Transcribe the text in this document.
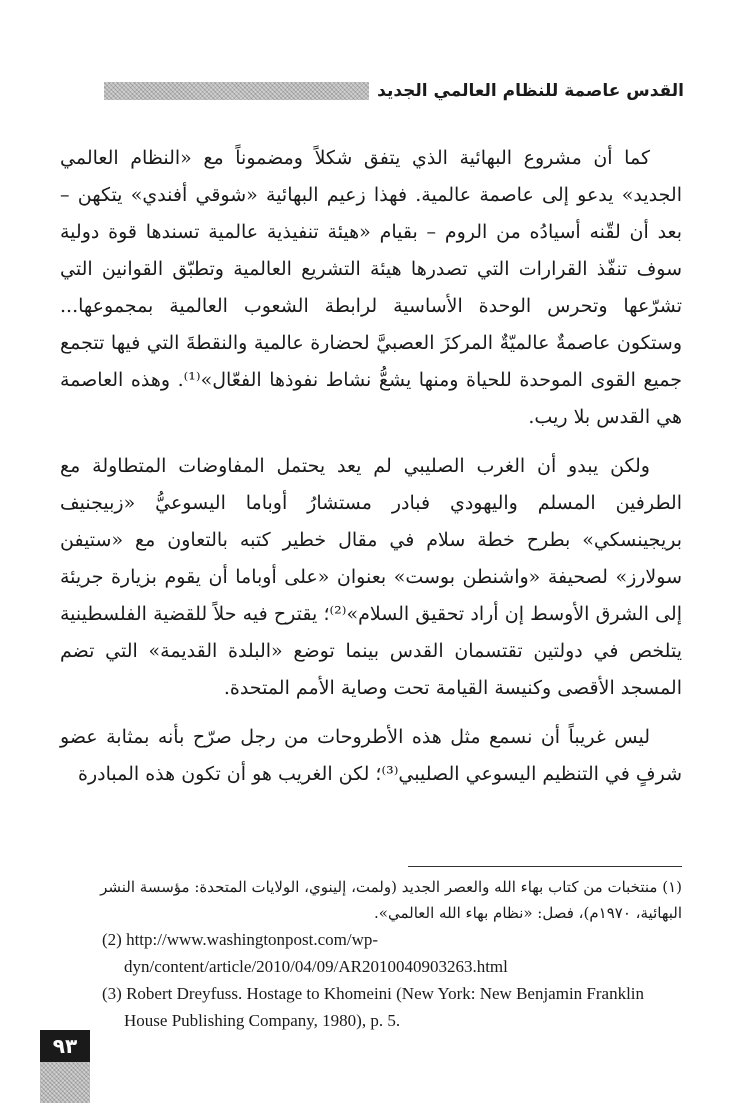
القدس عاصمة للنظام العالمي الجديد

كما أن مشروع البهائية الذي يتفق شكلاً ومضموناً مع «النظام العالمي الجديد» يدعو إلى عاصمة عالمية. فهذا زعيم البهائية «شوقي أفندي» يتكهن – بعد أن لقّنه أسيادُه من الروم – بقيام «هيئة تنفيذية عالمية تسندها قوة دولية سوف تنفّذ القرارات التي تصدرها هيئة التشريع العالمية وتطبّق القوانين التي تشرّعها وتحرس الوحدة الأساسية لرابطة الشعوب العالمية بمجموعها... وستكون عاصمةٌ عالميّةٌ المركزَ العصبيَّ لحضارة عالمية والنقطةَ التي فيها تتجمع جميع القوى الموحدة للحياة ومنها يشعُّ نشاط نفوذها الفعّال»⁽¹⁾. وهذه العاصمة هي القدس بلا ريب.

ولكن يبدو أن الغرب الصليبي لم يعد يحتمل المفاوضات المتطاولة مع الطرفين المسلم واليهودي فبادر مستشارُ أوباما اليسوعيُّ «زبيجنيف بريجينسكي» بطرح خطة سلام في مقال خطير كتبه بالتعاون مع «ستيفن سولارز» لصحيفة «واشنطن بوست» بعنوان «على أوباما أن يقوم بزيارة جريئة إلى الشرق الأوسط إن أراد تحقيق السلام»⁽²⁾؛ يقترح فيه حلاً للقضية الفلسطينية يتلخص في دولتين تقتسمان القدس بينما توضع «البلدة القديمة» التي تضم المسجد الأقصى وكنيسة القيامة تحت وصاية الأمم المتحدة.

ليس غريباً أن نسمع مثل هذه الأطروحات من رجل صرّح بأنه بمثابة عضو شرفٍ في التنظيم اليسوعي الصليبي⁽³⁾؛ لكن الغريب هو أن تكون هذه المبادرة

(١) منتخبات من كتاب بهاء الله والعصر الجديد (ولمت، إلينوي، الولايات المتحدة: مؤسسة النشر البهائية، ١٩٧٠م)، فصل: «نظام بهاء الله العالمي».

(2) http://www.washingtonpost.com/wp-dyn/content/article/2010/04/09/AR2010040903263.html

(3) Robert Dreyfuss. Hostage to Khomeini (New York: New Benjamin Franklin House Publishing Company, 1980), p. 5.

٩٣
